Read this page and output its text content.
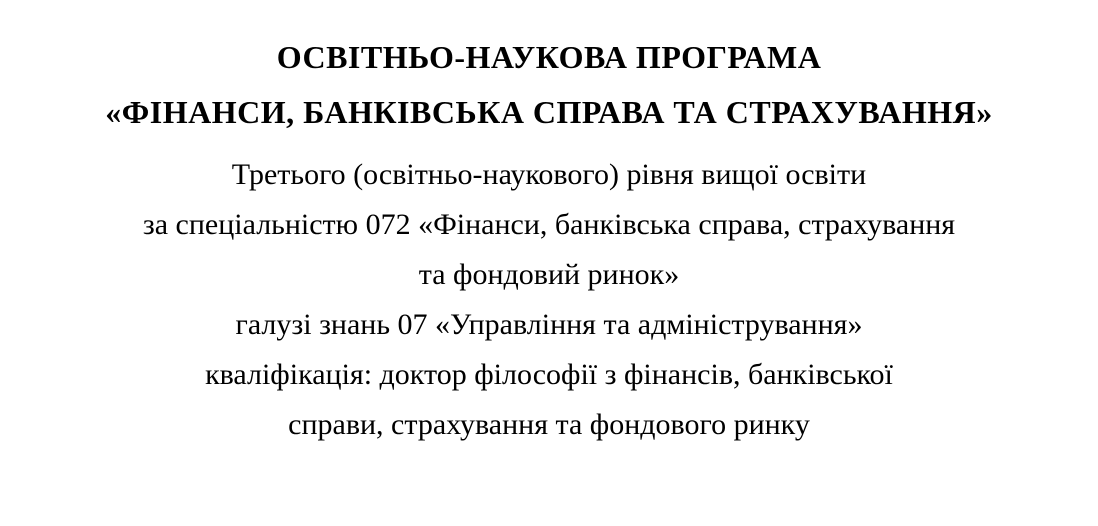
ОСВІТНЬО-НАУКОВА ПРОГРАМА
«ФІНАНСИ, БАНКІВСЬКА СПРАВА ТА СТРАХУВАННЯ»
Третього (освітньо-наукового) рівня вищої освіти
за спеціальністю 072 «Фінанси, банківська справа, страхування
та фондовий ринок»
галузі знань 07 «Управління та адміністрування»
кваліфікація: доктор філософії з фінансів, банківської
справи, страхування та фондового ринку
